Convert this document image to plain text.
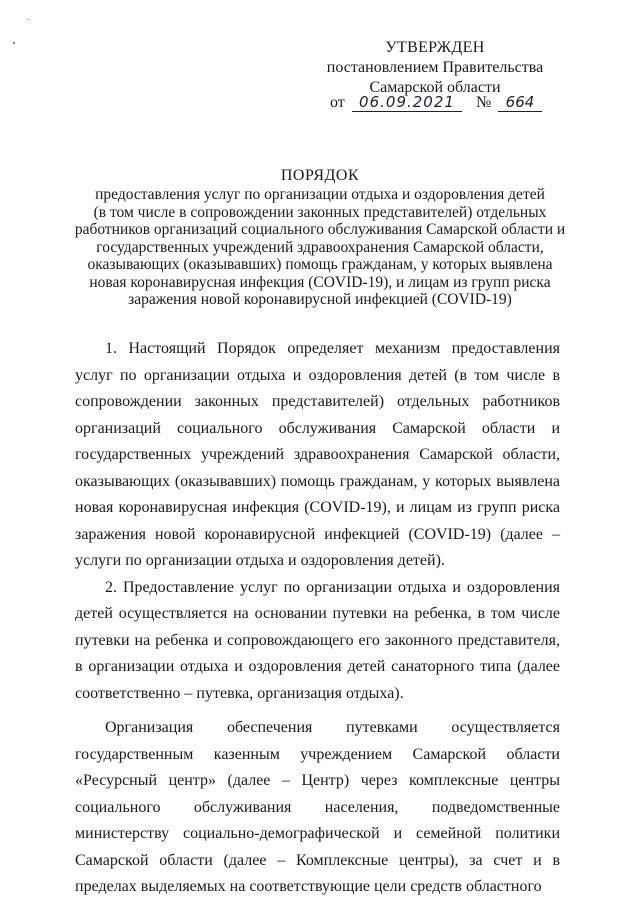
УТВЕРЖДЕН
постановлением Правительства
Самарской области
от 06.09.2021	№ 664
ПОРЯДОК
предоставления услуг по организации отдыха и оздоровления детей
(в том числе в сопровождении законных представителей) отдельных
работников организаций социального обслуживания Самарской области и
государственных учреждений здравоохранения Самарской области,
оказывающих (оказывавших) помощь гражданам, у которых выявлена
новая коронавирусная инфекция (COVID-19), и лицам из групп риска
заражения новой коронавирусной инфекцией (COVID-19)

1. Настоящий Порядок определяет механизм предоставления услуг по организации отдыха и оздоровления детей (в том числе в сопровождении законных представителей) отдельных работников организаций социального обслуживания Самарской области и государственных учреждений здравоохранения Самарской области, оказывающих (оказывавших) помощь гражданам, у которых выявлена новая коронавирусная инфекция (COVID-19), и лицам из групп риска заражения новой коронавирусной инфекцией (COVID-19) (далее – услуги по организации отдыха и оздоровления детей).

2. Предоставление услуг по организации отдыха и оздоровления детей осуществляется на основании путевки на ребенка, в том числе путевки на ребенка и сопровождающего его законного представителя, в организации отдыха и оздоровления детей санаторного типа (далее соответственно – путевка, организация отдыха).

Организация обеспечения путевками осуществляется государственным казенным учреждением Самарской области «Ресурсный центр» (далее – Центр) через комплексные центры социального обслуживания населения, подведомственные министерству социально-демографической и семейной политики Самарской области (далее – Комплексные центры), за счет и в пределах выделяемых на соответствующие цели средств областного
